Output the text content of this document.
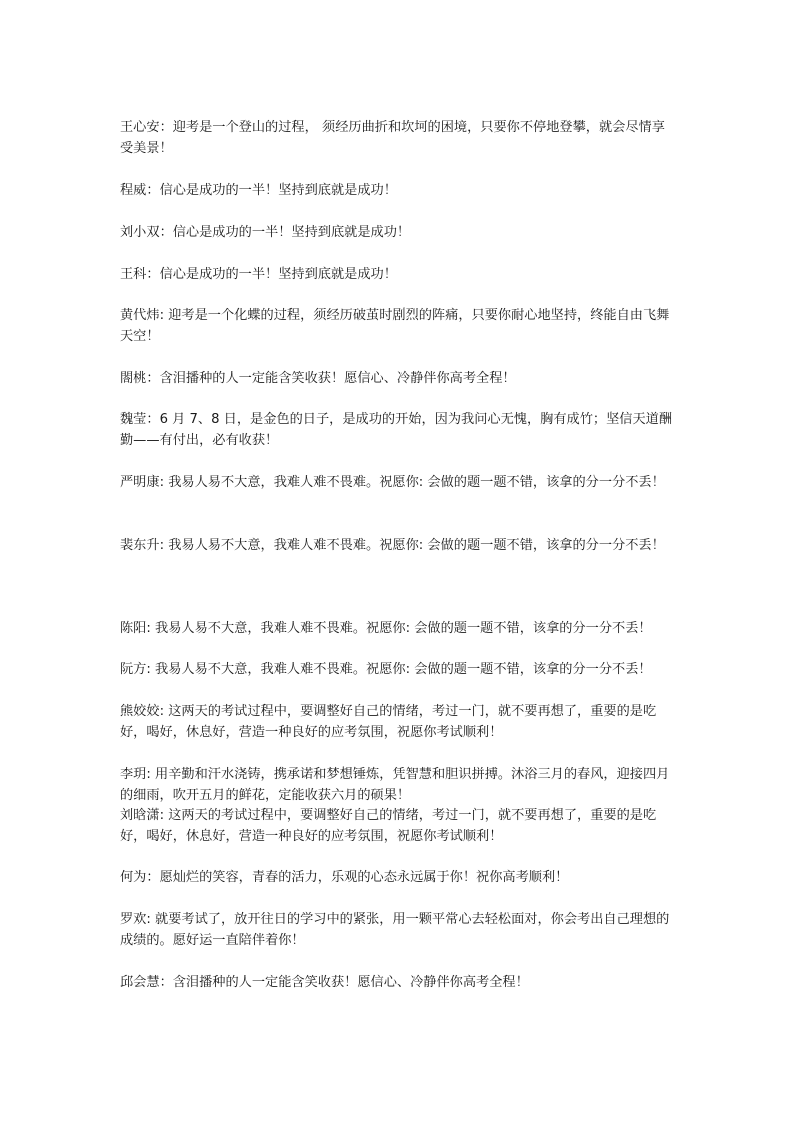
王心安：迎考是一个登山的过程， 须经历曲折和坎坷的困境，只要你不停地登攀，就会尽情享受美景！

程威：信心是成功的一半！坚持到底就是成功！

刘小双：信心是成功的一半！坚持到底就是成功！

王科：信心是成功的一半！坚持到底就是成功！

黄代炜: 迎考是一个化蝶的过程，须经历破茧时剧烈的阵痛，只要你耐心地坚持，终能自由飞舞天空！

閤桃：含泪播种的人一定能含笑收获！愿信心、冷静伴你高考全程！

魏莹：6 月 7、8 日，是金色的日子，是成功的开始，因为我问心无愧，胸有成竹；坚信天道酬勤——有付出，必有收获！

严明康: 我易人易不大意，我难人难不畏难。祝愿你: 会做的题一题不错，该拿的分一分不丢！

裴东升: 我易人易不大意，我难人难不畏难。祝愿你: 会做的题一题不错，该拿的分一分不丢！

陈阳: 我易人易不大意，我难人难不畏难。祝愿你: 会做的题一题不错，该拿的分一分不丢！

阮方: 我易人易不大意，我难人难不畏难。祝愿你: 会做的题一题不错，该拿的分一分不丢！

熊姣姣: 这两天的考试过程中，要调整好自己的情绪，考过一门，就不要再想了，重要的是吃好，喝好，休息好，营造一种良好的应考氛围，祝愿你考试顺利！

李玥: 用辛勤和汗水浇铸，携承诺和梦想锤炼，凭智慧和胆识拼搏。沐浴三月的春风，迎接四月的细雨，吹开五月的鲜花，定能收获六月的硕果！

刘晗潇: 这两天的考试过程中，要调整好自己的情绪，考过一门，就不要再想了，重要的是吃好，喝好，休息好，营造一种良好的应考氛围，祝愿你考试顺利！

何为：愿灿烂的笑容，青春的活力，乐观的心态永远属于你！祝你高考顺利！

罗欢: 就要考试了，放开往日的学习中的紧张，用一颗平常心去轻松面对，你会考出自己理想的成绩的。愿好运一直陪伴着你！

邱会慧：含泪播种的人一定能含笑收获！愿信心、冷静伴你高考全程！
